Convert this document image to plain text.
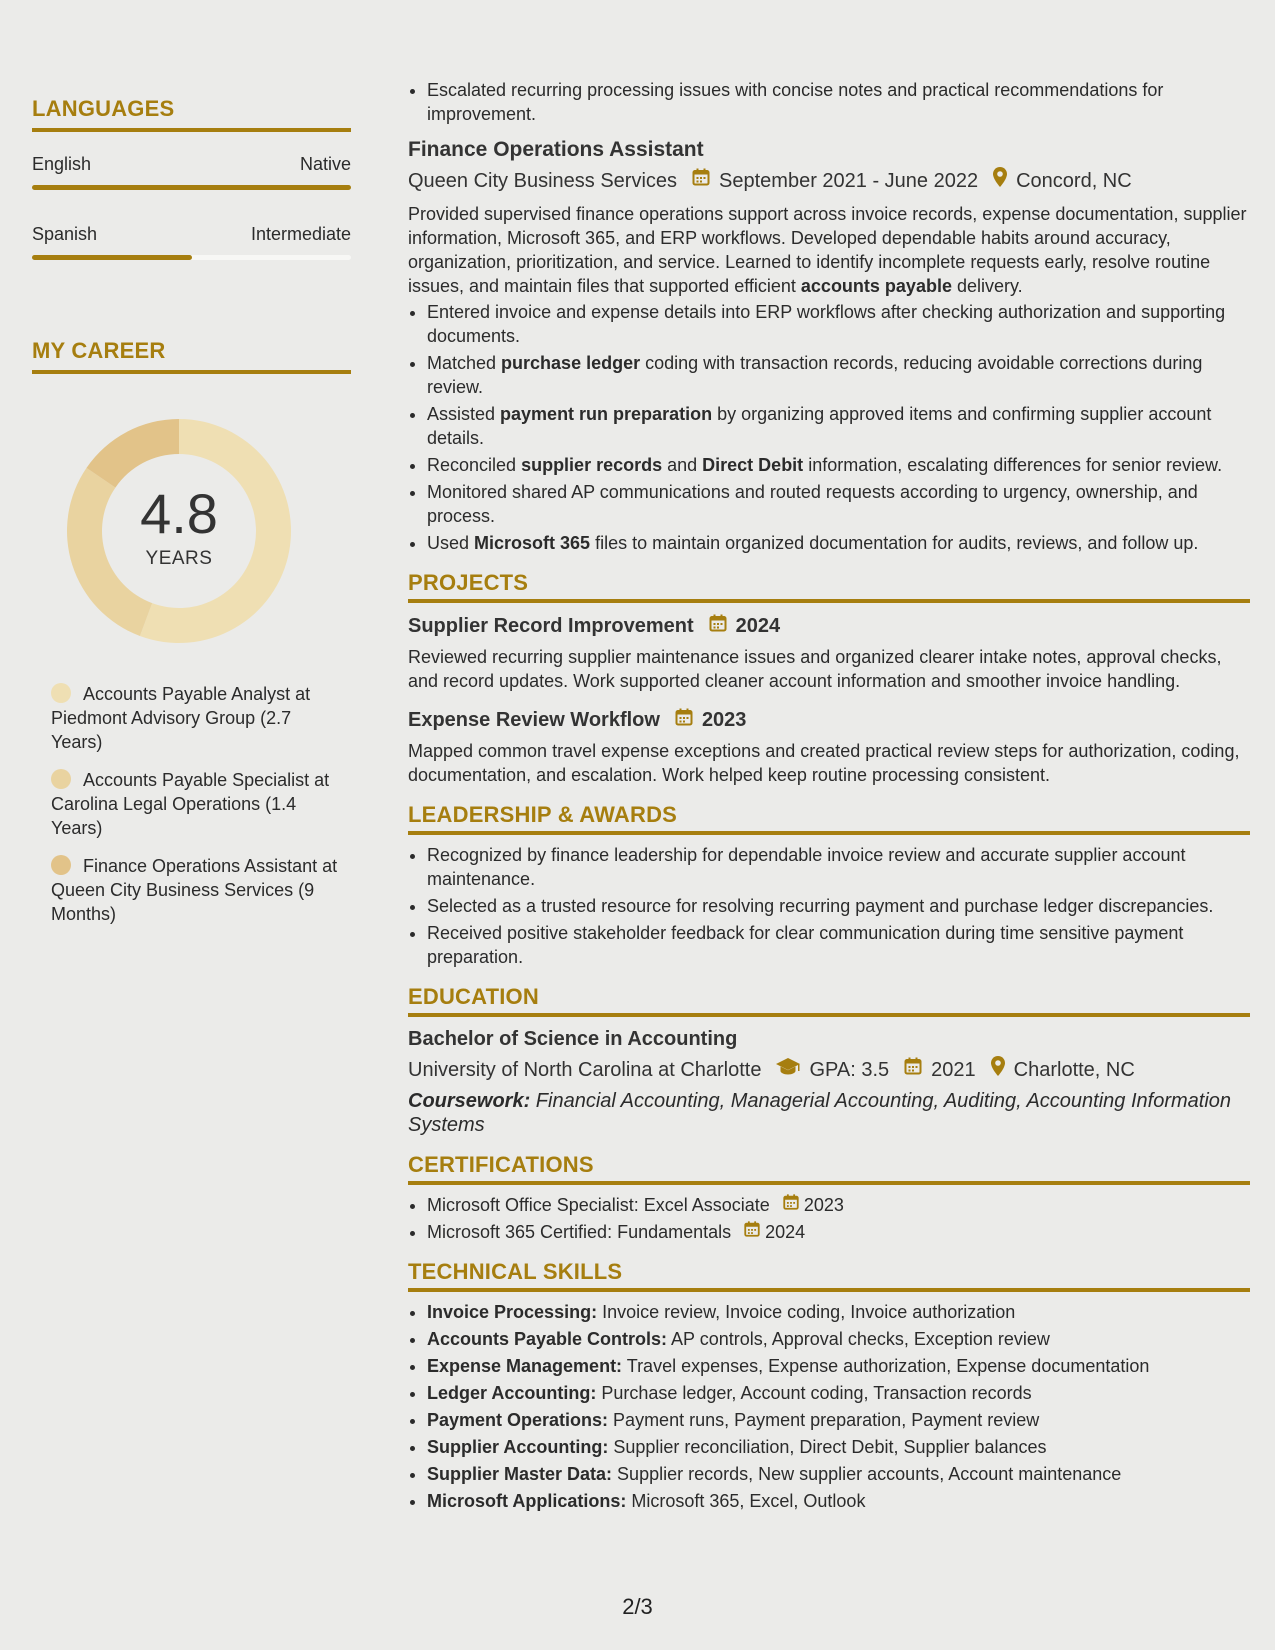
LANGUAGES
English	Native
Spanish	Intermediate
MY CAREER
4.8
YEARS
Accounts Payable Analyst at Piedmont Advisory Group (2.7 Years)
Accounts Payable Specialist at Carolina Legal Operations (1.4 Years)
Finance Operations Assistant at Queen City Business Services (9 Months)
• Escalated recurring processing issues with concise notes and practical recommendations for improvement.
Finance Operations Assistant
Queen City Business Services September 2021 - June 2022 Concord, NC
Provided supervised finance operations support across invoice records, expense documentation, supplier information, Microsoft 365, and ERP workflows. Developed dependable habits around accuracy, organization, prioritization, and service. Learned to identify incomplete requests early, resolve routine issues, and maintain files that supported efficient accounts payable delivery.
• Entered invoice and expense details into ERP workflows after checking authorization and supporting documents.
• Matched purchase ledger coding with transaction records, reducing avoidable corrections during review.
• Assisted payment run preparation by organizing approved items and confirming supplier account details.
• Reconciled supplier records and Direct Debit information, escalating differences for senior review.
• Monitored shared AP communications and routed requests according to urgency, ownership, and process.
• Used Microsoft 365 files to maintain organized documentation for audits, reviews, and follow up.
PROJECTS
Supplier Record Improvement 2024
Reviewed recurring supplier maintenance issues and organized clearer intake notes, approval checks, and record updates. Work supported cleaner account information and smoother invoice handling.
Expense Review Workflow 2023
Mapped common travel expense exceptions and created practical review steps for authorization, coding, documentation, and escalation. Work helped keep routine processing consistent.
LEADERSHIP & AWARDS
• Recognized by finance leadership for dependable invoice review and accurate supplier account maintenance.
• Selected as a trusted resource for resolving recurring payment and purchase ledger discrepancies.
• Received positive stakeholder feedback for clear communication during time sensitive payment preparation.
EDUCATION
Bachelor of Science in Accounting
University of North Carolina at Charlotte GPA: 3.5 2021 Charlotte, NC
Coursework: Financial Accounting, Managerial Accounting, Auditing, Accounting Information Systems
CERTIFICATIONS
• Microsoft Office Specialist: Excel Associate 2023
• Microsoft 365 Certified: Fundamentals 2024
TECHNICAL SKILLS
• Invoice Processing: Invoice review, Invoice coding, Invoice authorization
• Accounts Payable Controls: AP controls, Approval checks, Exception review
• Expense Management: Travel expenses, Expense authorization, Expense documentation
• Ledger Accounting: Purchase ledger, Account coding, Transaction records
• Payment Operations: Payment runs, Payment preparation, Payment review
• Supplier Accounting: Supplier reconciliation, Direct Debit, Supplier balances
• Supplier Master Data: Supplier records, New supplier accounts, Account maintenance
• Microsoft Applications: Microsoft 365, Excel, Outlook
2/3
